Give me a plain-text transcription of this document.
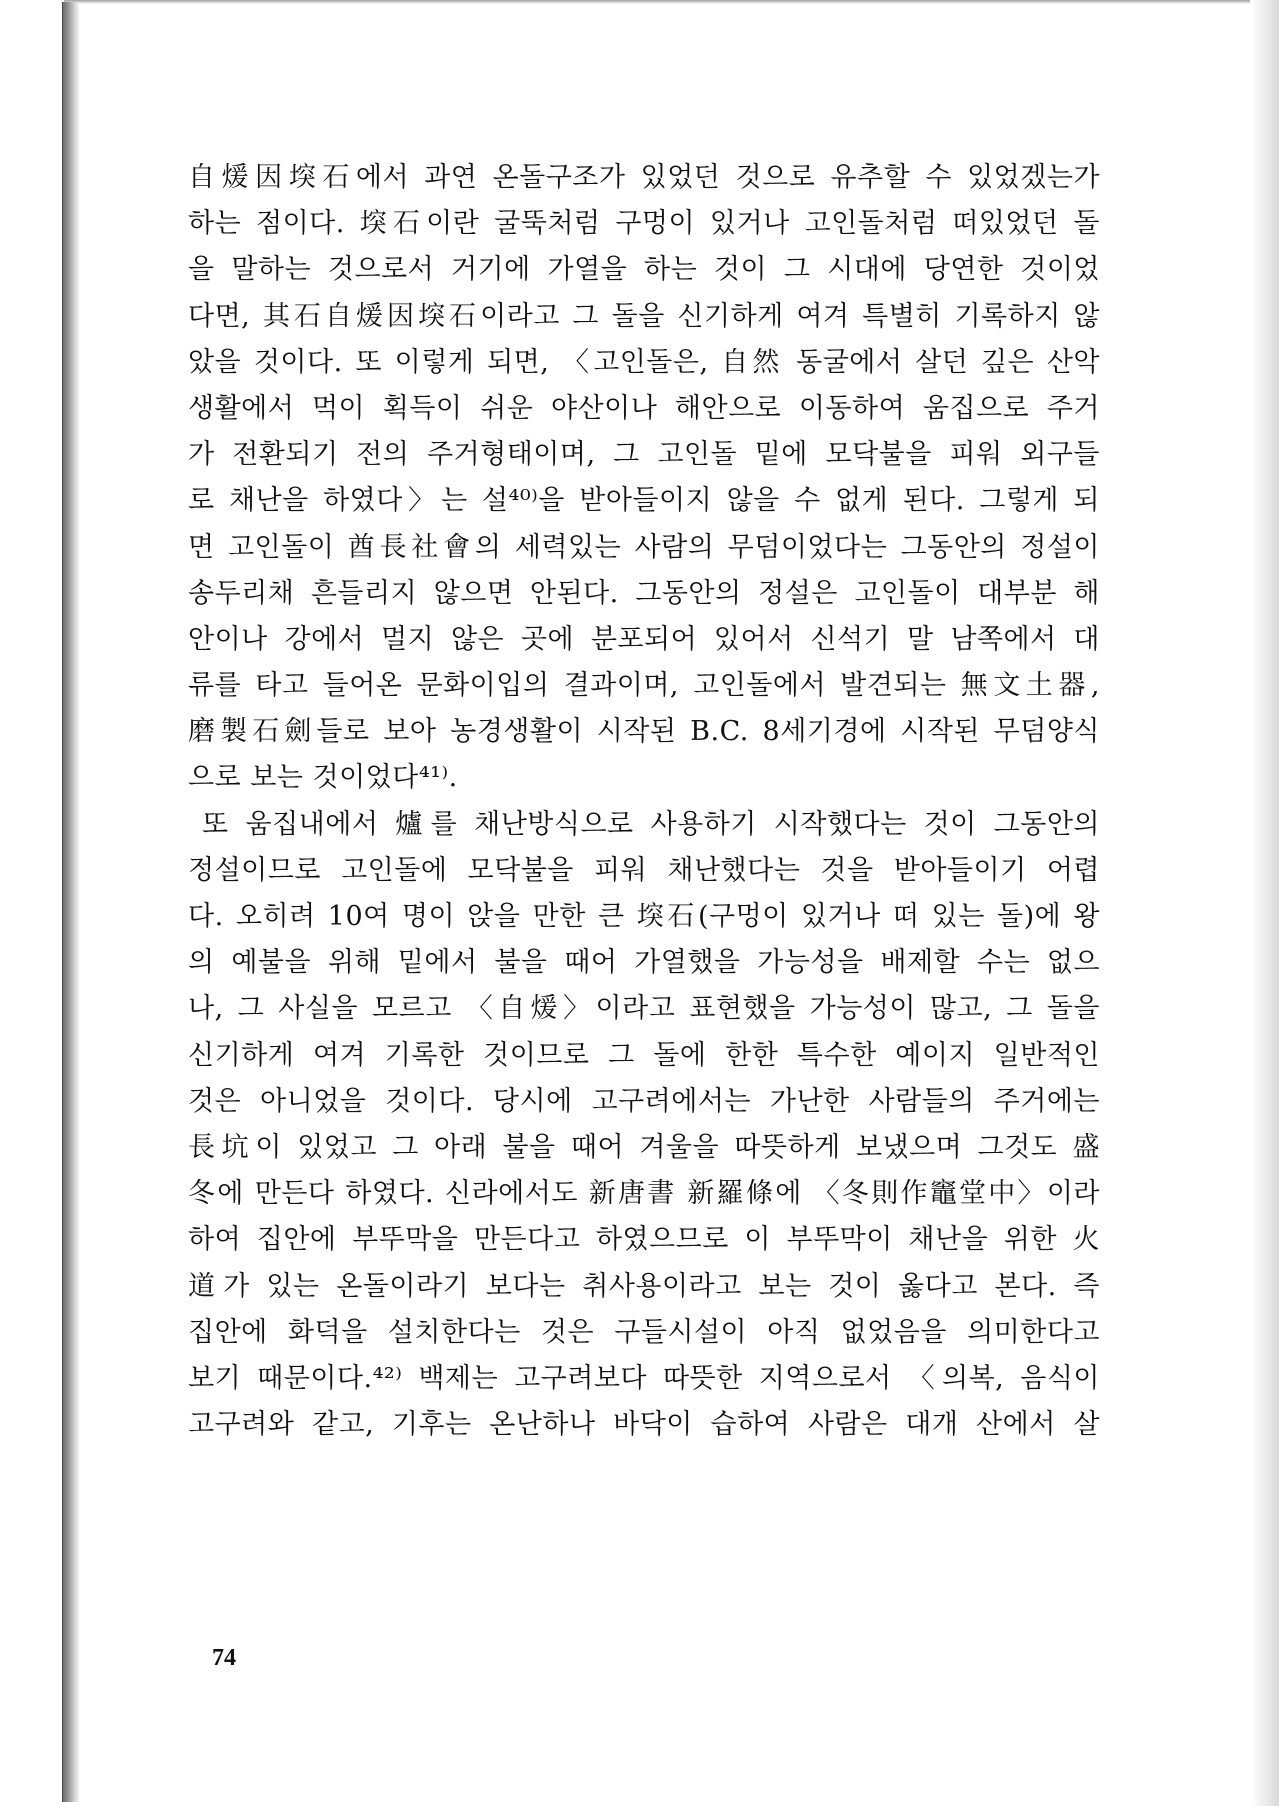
自煖因堗石에서 과연 온돌구조가 있었던 것으로 유추할 수 있었겠는가
하는 점이다. 堗石이란 굴뚝처럼 구멍이 있거나 고인돌처럼 떠있었던 돌
을 말하는 것으로서 거기에 가열을 하는 것이 그 시대에 당연한 것이었
다면, 其石自煖因堗石이라고 그 돌을 신기하게 여겨 특별히 기록하지 않
았을 것이다. 또 이렇게 되면, 〈고인돌은, 自然 동굴에서 살던 깊은 산악
생활에서 먹이 획득이 쉬운 야산이나 해안으로 이동하여 움집으로 주거
가 전환되기 전의 주거형태이며, 그 고인돌 밑에 모닥불을 피워 외구들
로 채난을 하였다〉는 설⁴⁰⁾을 받아들이지 않을 수 없게 된다. 그렇게 되
면 고인돌이 酋長社會의 세력있는 사람의 무덤이었다는 그동안의 정설이
송두리채 흔들리지 않으면 안된다. 그동안의 정설은 고인돌이 대부분 해
안이나 강에서 멀지 않은 곳에 분포되어 있어서 신석기 말 남쪽에서 대
류를 타고 들어온 문화이입의 결과이며, 고인돌에서 발견되는 無文土器,
磨製石劍들로 보아 농경생활이 시작된 B.C. 8세기경에 시작된 무덤양식
으로 보는 것이었다⁴¹⁾.
또 움집내에서 爐를 채난방식으로 사용하기 시작했다는 것이 그동안의
정설이므로 고인돌에 모닥불을 피워 채난했다는 것을 받아들이기 어렵
다. 오히려 10여 명이 앉을 만한 큰 堗石(구멍이 있거나 떠 있는 돌)에 왕
의 예불을 위해 밑에서 불을 때어 가열했을 가능성을 배제할 수는 없으
나, 그 사실을 모르고 〈自煖〉이라고 표현했을 가능성이 많고, 그 돌을
신기하게 여겨 기록한 것이므로 그 돌에 한한 특수한 예이지 일반적인
것은 아니었을 것이다. 당시에 고구려에서는 가난한 사람들의 주거에는
長坑이 있었고 그 아래 불을 때어 겨울을 따뜻하게 보냈으며 그것도 盛
冬에 만든다 하였다. 신라에서도 新唐書 新羅條에 〈冬則作竈堂中〉이라
하여 집안에 부뚜막을 만든다고 하였으므로 이 부뚜막이 채난을 위한 火
道가 있는 온돌이라기 보다는 취사용이라고 보는 것이 옳다고 본다. 즉
집안에 화덕을 설치한다는 것은 구들시설이 아직 없었음을 의미한다고
보기 때문이다.⁴²⁾ 백제는 고구려보다 따뜻한 지역으로서 〈의복, 음식이
고구려와 같고, 기후는 온난하나 바닥이 습하여 사람은 대개 산에서 살
74
